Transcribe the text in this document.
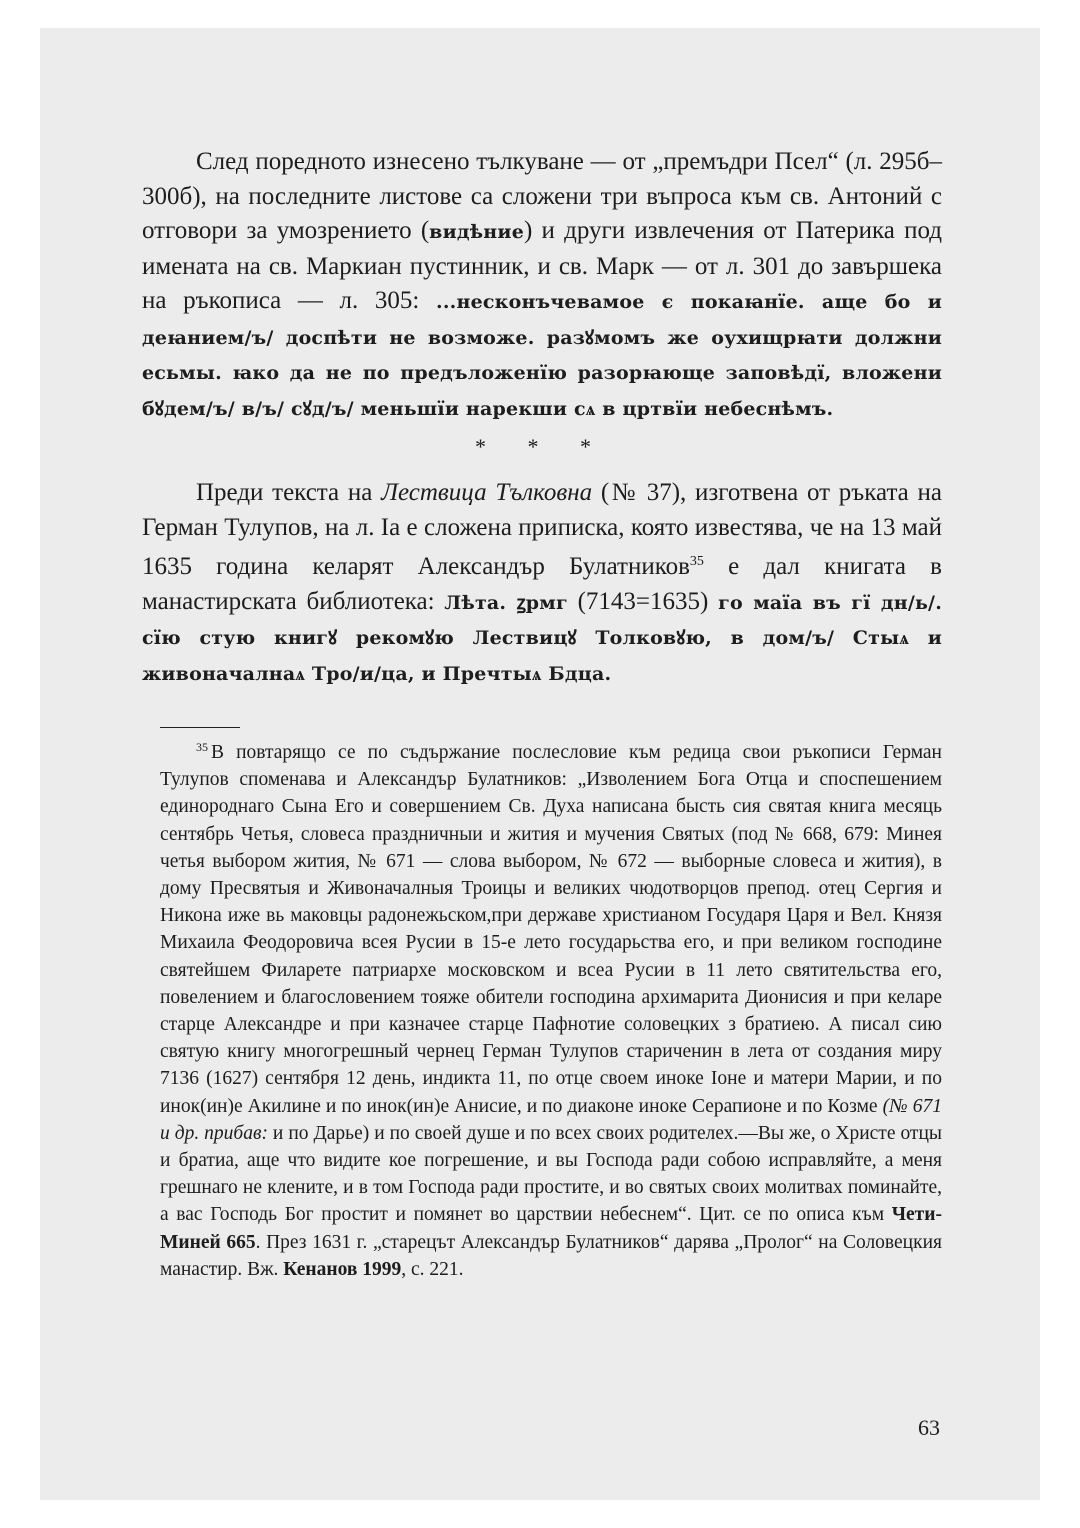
След поредното изнесено тълкуване — от „премъдри Псел“ (л. 295б–300б), на последните листове са сложени три въпроса към св. Антоний с отговори за умозрението (видѣние) и други извлечения от Патерика под имената на св. Маркиан пустинник, и св. Марк — от л. 301 до завършека на ръкописа — л. 305: ...несконъчевамое є покаꙗнїе. аще бо и деꙗнием/ъ/ доспѣти не возможе. разꙋмомъ же оухищрꙗти должни есьмы. ꙗко да не по предъложенїю разорꙗюще заповѣдї, вложени бꙋдем/ъ/ в/ъ/ сꙋд/ъ/ меньшїи нарекши сѧ в цртвїи небеснѣмъ.

* * *

Преди текста на Лествица Тълковна (№ 37), изготвена от ръката на Герман Тулупов, на л. Iа е сложена приписка, която известява, че на 13 май 1635 година келарят Александър Булатников$^{35}$ е дал книгата в манастирската библиотека: Лѣта. ꙁрмг (7143=1635) го маїа въ гї дн/ь/. сїю стую книгꙋ рекомꙋю Лествицꙋ Толковꙋю, в дом/ъ/ Стыѧ и живоначалнаѧ Тро/и/ца, и Пречтыѧ Бдца.

$^{35}$ В повтарящо се по съдържание послесловие към редица свои ръкописи Герман Тулупов споменава и Александър Булатников: „Изволением Бога Отца и споспешением единороднаго Сына Его и совершением Св. Духа написана бысть сия святая книга месяць сентябрь Четья, словеса праздничныи и жития и мучения Святых (под № 668, 679: Минея четья выбором жития, № 671 — слова выбором, № 672 — выборные словеса и жития), в дому Пресвятыя и Живоначалныя Троицы и великих чюдотворцов препод. отец Сергия и Никона иже вь маковцы радонежьском,при державе христианом Государя Царя и Вел. Князя Михаила Феодоровича всея Русии в 15-е лето государьства его, и при великом господине святейшем Филарете патриархе московском и всеа Русии в 11 лето святительства его, повелением и благословением тояже обители господина архимарита Дионисия и при келаре старце Александре и при казначее старце Пафнотие соловецких з братиею. А писал сию святую книгу многогрешный чернец Герман Тулупов стариченин в лета от создания миру 7136 (1627) сентября 12 день, индикта 11, по отце своем иноке Іоне и матери Марии, и по инок(ин)е Акилине и по инок(ин)е Анисие, и по диаконе иноке Серапионе и по Козме (№ 671 и др. прибав: и по Дарье) и по своей душе и по всех своих родителех.—Вы же, о Христе отцы и братиа, аще что видите кое погрешение, и вы Господа ради собою исправляйте, а меня грешнаго не клените, и в том Господа ради простите, и во святых своих молитвах поминайте, а вас Господь Бог простит и помянет во царствии небеснем“. Цит. се по описа към Чети-Миней 665. През 1631 г. „старецът Александър Булатников“ дарява „Пролог“ на Соловецкия манастир. Вж. Кенанов 1999, с. 221.

63
